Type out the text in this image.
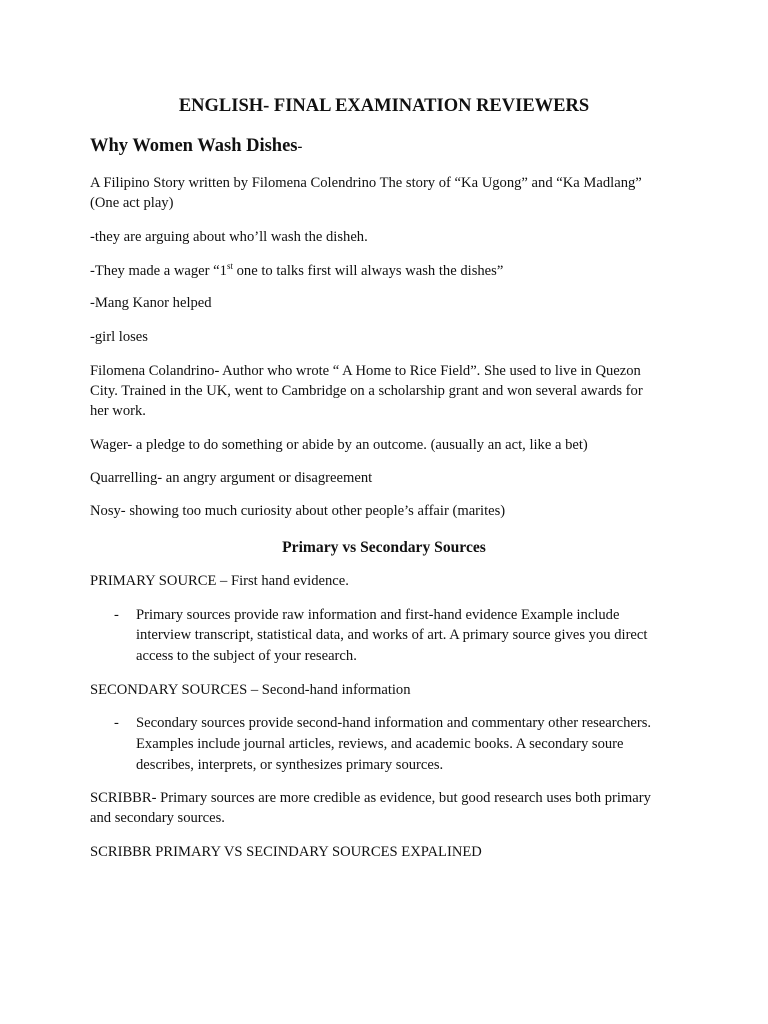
ENGLISH- FINAL EXAMINATION REVIEWERS
Why Women Wash Dishes-

A Filipino Story written by Filomena Colendrino The story of “Ka Ugong” and “Ka Madlang”

(One act play)

-they are arguing about who’ll wash the disheh.

-They made a wager “1st one to talks first will always wash the dishes”

-Mang Kanor helped

-girl loses

Filomena Colandrino- Author who wrote “ A Home to Rice Field”. She used to live in Quezon

City. Trained in the UK, went to Cambridge on a scholarship grant and won several awards for

her work.

Wager- a pledge to do something or abide by an outcome. (ausually an act, like a bet)

Quarrelling- an angry argument or disagreement

Nosy- showing too much curiosity about other people’s affair (marites)

Primary vs Secondary Sources

PRIMARY SOURCE – First hand evidence.

- Primary sources provide raw information and first-hand evidence Example include

interview transcript, statistical data, and works of art. A primary source gives you direct

access to the subject of your research.

SECONDARY SOURCES – Second-hand information

- Secondary sources provide second-hand information and commentary other researchers.

Examples include journal articles, reviews, and academic books. A secondary soure

describes, interprets, or synthesizes primary sources.

SCRIBBR- Primary sources are more credible as evidence, but good research uses both primary

and secondary sources.

SCRIBBR PRIMARY VS SECINDARY SOURCES EXPALINED
